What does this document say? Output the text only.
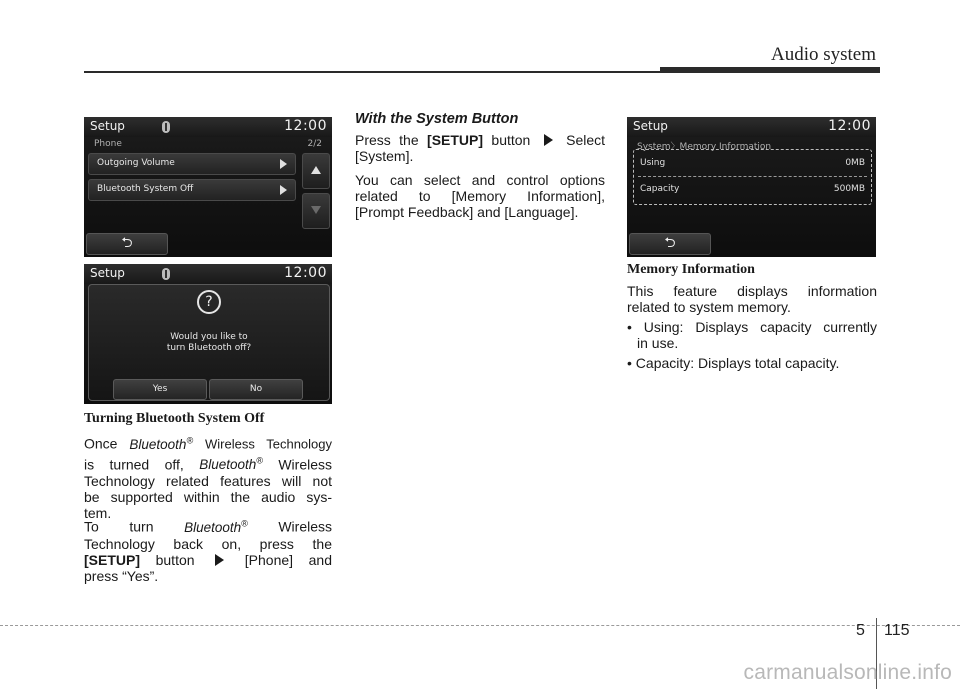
Audio system
Setup	12:00
Phone	2/2
Outgoing Volume
Bluetooth System Off
⮌
Setup	12:00
?
Would you like to
turn Bluetooth off?
Yes	No
Setup	12:00
System〉Memory Information
Using	0MB
Capacity	500MB
⮌
Turning Bluetooth System Off
Once Bluetooth® Wireless Technology
is turned off, Bluetooth® Wireless
Technology related features will not
be supported within the audio sys-
tem.
To turn Bluetooth® Wireless
Technology back on, press the
[SETUP] button	[Phone] and
press “Yes”.
With the System Button
Press the [SETUP] button	Select
[System].
You can select and control options
related to [Memory Information],
[Prompt Feedback] and [Language].
Memory Information
This feature displays information
related to system memory.
• Using: Displays capacity currently
in use.
• Capacity: Displays total capacity.
5 115
carmanualsonline.info
